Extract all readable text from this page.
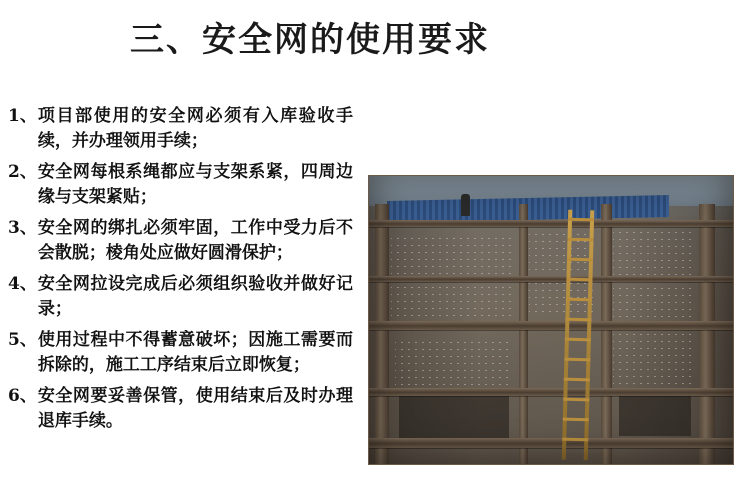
三、安全网的使用要求
1、 项目部使用的安全网必须有入库验收手续，并办理领用手续；
2、 安全网每根系绳都应与支架系紧，四周边缘与支架紧贴；
3、 安全网的绑扎必须牢固，工作中受力后不会散脱；棱角处应做好圆滑保护；
4、 安全网拉设完成后必须组织验收并做好记录；
5、 使用过程中不得蓄意破坏；因施工需要而拆除的，施工工序结束后立即恢复；
6、 安全网要妥善保管，使用结束后及时办理退库手续。
